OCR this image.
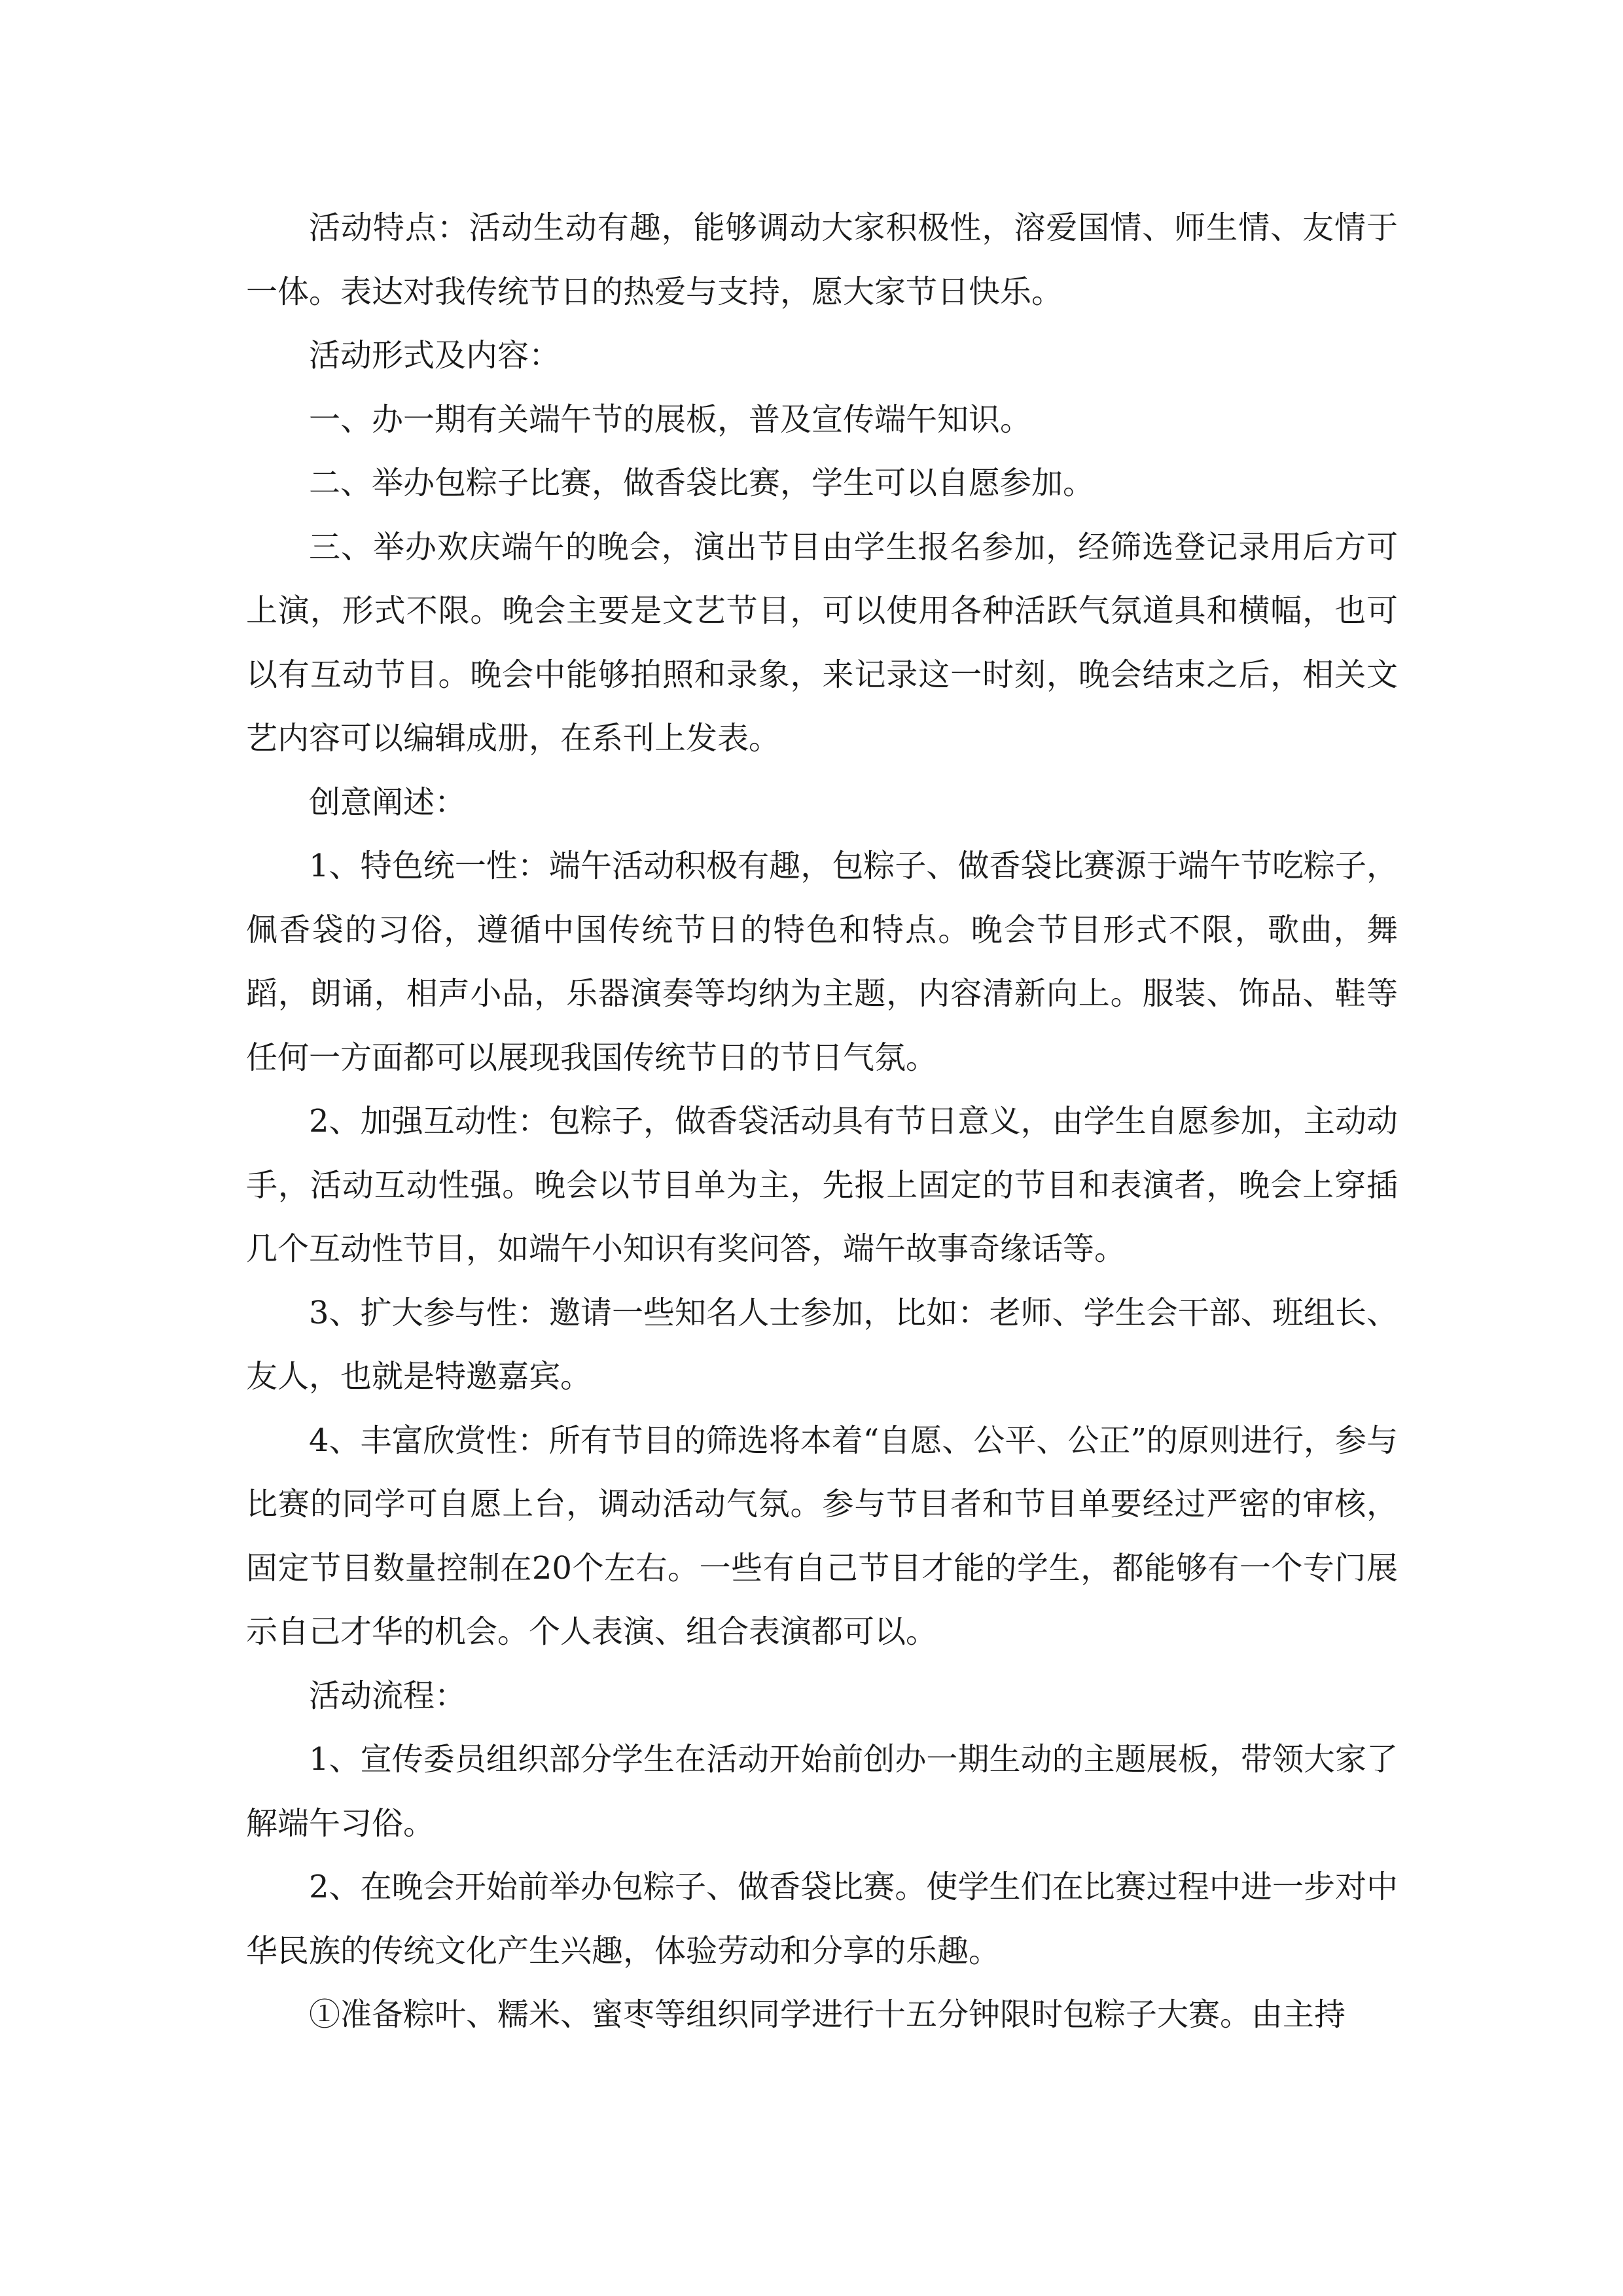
活动特点：活动生动有趣，能够调动大家积极性，溶爱国情、师生情、友情于一体。表达对我传统节日的热爱与支持，愿大家节日快乐。

活动形式及内容：

一、办一期有关端午节的展板，普及宣传端午知识。

二、举办包粽子比赛，做香袋比赛，学生可以自愿参加。

三、举办欢庆端午的晚会，演出节目由学生报名参加，经筛选登记录用后方可上演，形式不限。晚会主要是文艺节目，可以使用各种活跃气氛道具和横幅，也可以有互动节目。晚会中能够拍照和录象，来记录这一时刻，晚会结束之后，相关文艺内容可以编辑成册，在系刊上发表。

创意阐述：

1、特色统一性：端午活动积极有趣，包粽子、做香袋比赛源于端午节吃粽子，佩香袋的习俗，遵循中国传统节日的特色和特点。晚会节目形式不限，歌曲，舞蹈，朗诵，相声小品，乐器演奏等均纳为主题，内容清新向上。服装、饰品、鞋等任何一方面都可以展现我国传统节日的节日气氛。

2、加强互动性：包粽子，做香袋活动具有节日意义，由学生自愿参加，主动动手，活动互动性强。晚会以节目单为主，先报上固定的节目和表演者，晚会上穿插几个互动性节目，如端午小知识有奖问答，端午故事奇缘话等。

3、扩大参与性：邀请一些知名人士参加，比如：老师、学生会干部、班组长、友人，也就是特邀嘉宾。

4、丰富欣赏性：所有节目的筛选将本着“自愿、公平、公正”的原则进行，参与比赛的同学可自愿上台，调动活动气氛。参与节目者和节目单要经过严密的审核，固定节目数量控制在20个左右。一些有自己节目才能的学生，都能够有一个专门展示自己才华的机会。个人表演、组合表演都可以。

活动流程：

1、宣传委员组织部分学生在活动开始前创办一期生动的主题展板，带领大家了解端午习俗。

2、在晚会开始前举办包粽子、做香袋比赛。使学生们在比赛过程中进一步对中华民族的传统文化产生兴趣，体验劳动和分享的乐趣。

①准备粽叶、糯米、蜜枣等组织同学进行十五分钟限时包粽子大赛。由主持
